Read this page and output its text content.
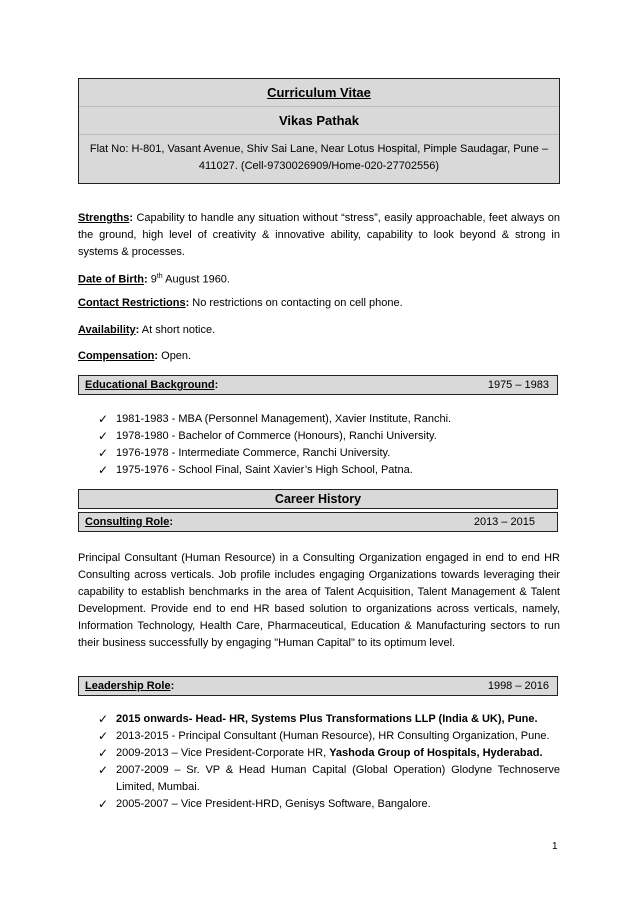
Curriculum Vitae
Vikas Pathak
Flat No: H-801, Vasant Avenue, Shiv Sai Lane, Near Lotus Hospital, Pimple Saudagar, Pune – 411027. (Cell-9730026909/Home-020-27702556)
Strengths: Capability to handle any situation without “stress”, easily approachable, feet always on the ground, high level of creativity & innovative ability, capability to look beyond & strong in systems & processes.
Date of Birth: 9th August 1960.
Contact Restrictions: No restrictions on contacting on cell phone.
Availability: At short notice.
Compensation: Open.
Educational Background:	1975 – 1983
✓ 1981-1983 - MBA (Personnel Management), Xavier Institute, Ranchi.
✓ 1978-1980 - Bachelor of Commerce (Honours), Ranchi University.
✓ 1976-1978 - Intermediate Commerce, Ranchi University.
✓ 1975-1976 - School Final, Saint Xavier’s High School, Patna.
Career History
Consulting Role:	2013 – 2015
Principal Consultant (Human Resource) in a Consulting Organization engaged in end to end HR Consulting across verticals. Job profile includes engaging Organizations towards leveraging their capability to establish benchmarks in the area of Talent Acquisition, Talent Management & Talent Development. Provide end to end HR based solution to organizations across verticals, namely, Information Technology, Health Care, Pharmaceutical, Education & Manufacturing sectors to run their business successfully by engaging "Human Capital" to its optimum level.
Leadership Role:	1998 – 2016
✓ 2015 onwards- Head- HR, Systems Plus Transformations LLP (India & UK), Pune.
✓ 2013-2015 - Principal Consultant (Human Resource), HR Consulting Organization, Pune.
✓ 2009-2013 – Vice President-Corporate HR, Yashoda Group of Hospitals, Hyderabad.
✓ 2007-2009 – Sr. VP & Head Human Capital (Global Operation) Glodyne Technoserve Limited, Mumbai.
✓ 2005-2007 – Vice President-HRD, Genisys Software, Bangalore.
1
